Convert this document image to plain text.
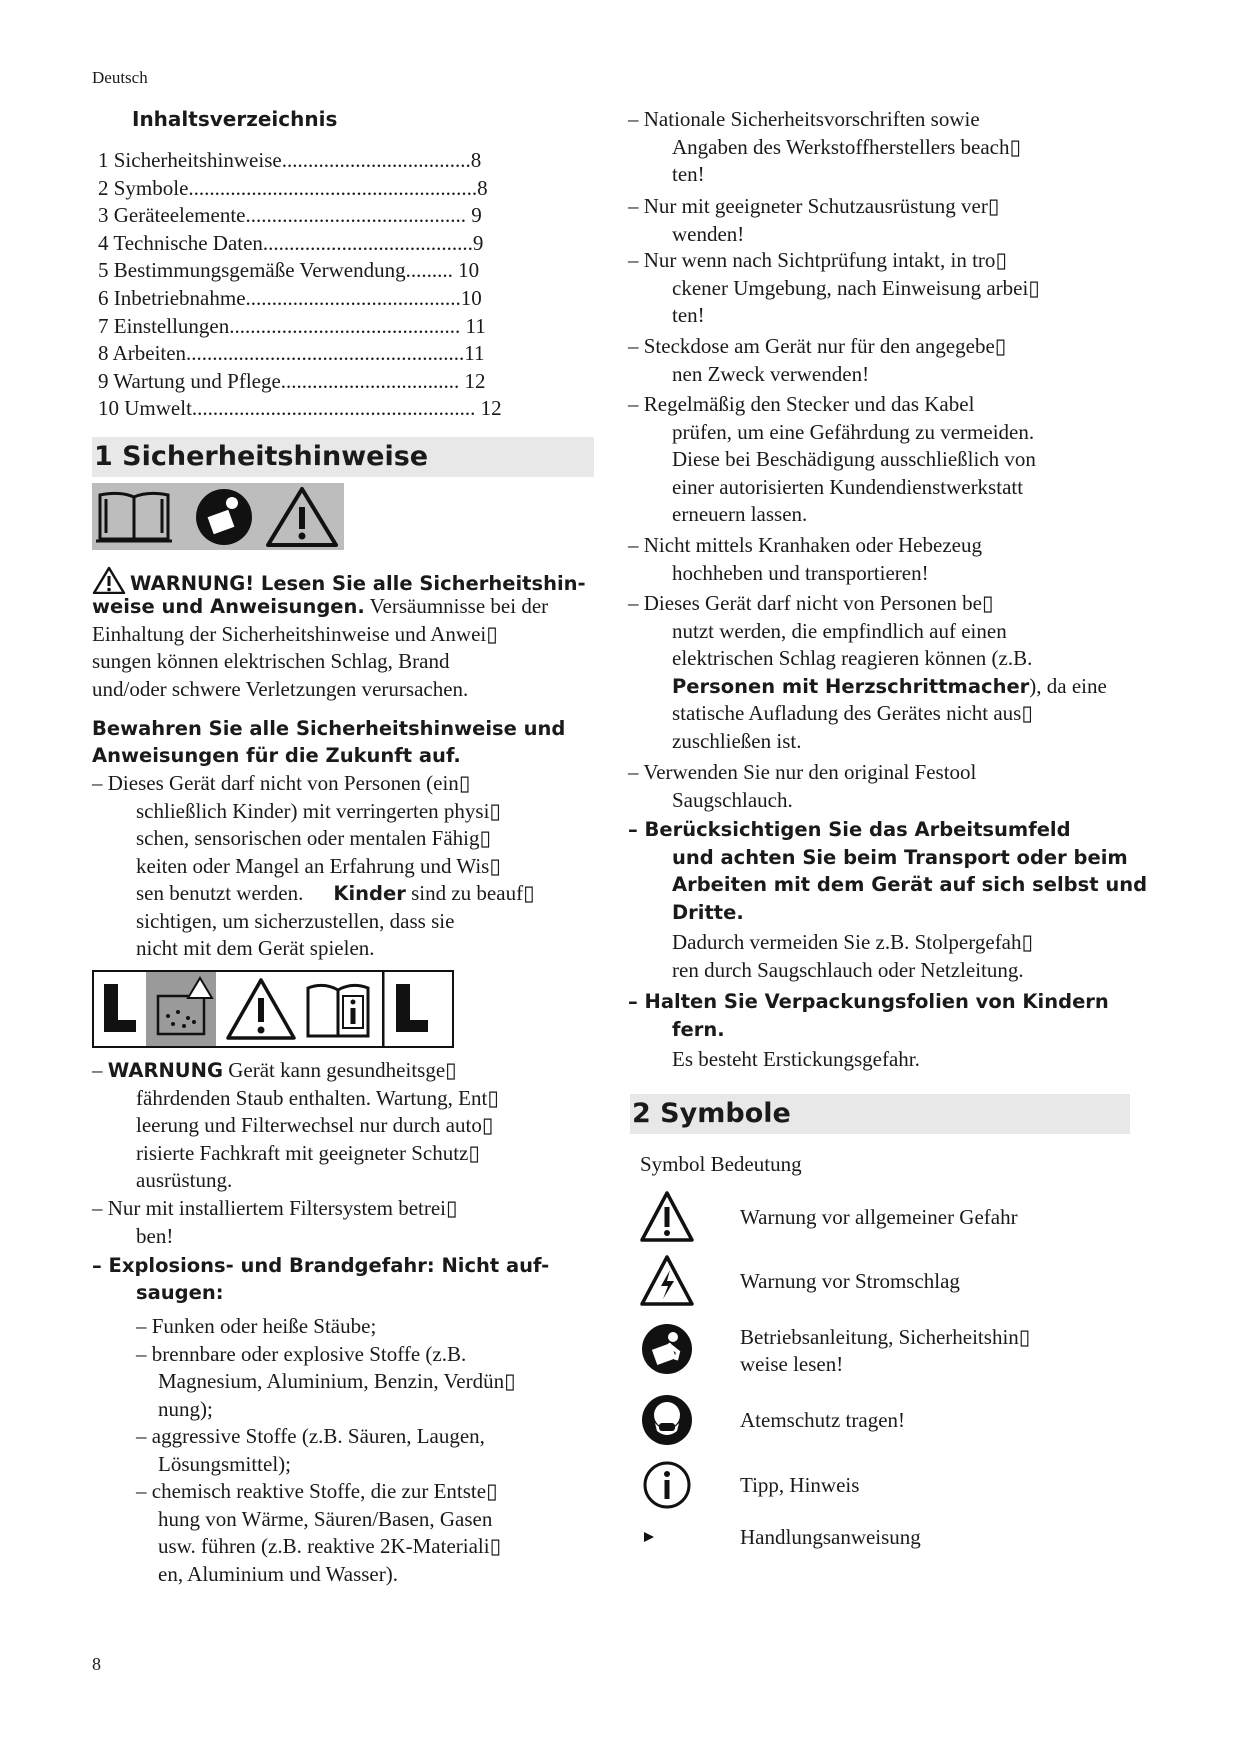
Deutsch
8
Inhaltsverzeichnis
1 Sicherheitshinweise....................................8
2 Symbole.......................................................8
3 Geräteelemente.......................................... 9
4 Technische Daten........................................9
5 Bestimmungsgemäße Verwendung......... 10
6 Inbetriebnahme.........................................10
7 Einstellungen............................................ 11
8 Arbeiten.....................................................11
9 Wartung und Pflege.................................. 12
10 Umwelt...................................................... 12
1 Sicherheitshinweise
WARNUNG! Lesen Sie alle Sicherheitshin-
weise und Anweisungen. Versäumnisse bei der
Einhaltung der Sicherheitshinweise und Anwei▯
sungen können elektrischen Schlag, Brand
und/oder schwere Verletzungen verursachen.
Bewahren Sie alle Sicherheitshinweise und
Anweisungen für die Zukunft auf.
– Dieses Gerät darf nicht von Personen (ein▯
schließlich Kinder) mit verringerten physi▯
schen, sensorischen oder mentalen Fähig▯
keiten oder Mangel an Erfahrung und Wis▯
sen benutzt werden. Kinder sind zu beauf▯
sichtigen, um sicherzustellen, dass sie
nicht mit dem Gerät spielen.
– WARNUNG Gerät kann gesundheitsge▯
fährdenden Staub enthalten. Wartung, Ent▯
leerung und Filterwechsel nur durch auto▯
risierte Fachkraft mit geeigneter Schutz▯
ausrüstung.
– Nur mit installiertem Filtersystem betrei▯
ben!
– Explosions- und Brandgefahr: Nicht auf-
saugen:
– Funken oder heiße Stäube;
– brennbare oder explosive Stoffe (z.B.
Magnesium, Aluminium, Benzin, Verdün▯
nung);
– aggressive Stoffe (z.B. Säuren, Laugen,
Lösungsmittel);
– chemisch reaktive Stoffe, die zur Entste▯
hung von Wärme, Säuren/Basen, Gasen
usw. führen (z.B. reaktive 2K-Materiali▯
en, Aluminium und Wasser).
– Nationale Sicherheitsvorschriften sowie
Angaben des Werkstoffherstellers beach▯
ten!
– Nur mit geeigneter Schutzausrüstung ver▯
wenden!
– Nur wenn nach Sichtprüfung intakt, in tro▯
ckener Umgebung, nach Einweisung arbei▯
ten!
– Steckdose am Gerät nur für den angegebe▯
nen Zweck verwenden!
– Regelmäßig den Stecker und das Kabel
prüfen, um eine Gefährdung zu vermeiden.
Diese bei Beschädigung ausschließlich von
einer autorisierten Kundendienstwerkstatt
erneuern lassen.
– Nicht mittels Kranhaken oder Hebezeug
hochheben und transportieren!
– Dieses Gerät darf nicht von Personen be▯
nutzt werden, die empfindlich auf einen
elektrischen Schlag reagieren können (z.B.
Personen mit Herzschrittmacher), da eine
statische Aufladung des Gerätes nicht aus▯
zuschließen ist.
– Verwenden Sie nur den original Festool
Saugschlauch.
– Berücksichtigen Sie das Arbeitsumfeld
und achten Sie beim Transport oder beim
Arbeiten mit dem Gerät auf sich selbst und
Dritte.
Dadurch vermeiden Sie z.B. Stolpergefah▯
ren durch Saugschlauch oder Netzleitung.
– Halten Sie Verpackungsfolien von Kindern
fern.
Es besteht Erstickungsgefahr.
2 Symbole
Symbol Bedeutung
Warnung vor allgemeiner Gefahr
Warnung vor Stromschlag
Betriebsanleitung, Sicherheitshin▯
weise lesen!
Atemschutz tragen!
Tipp, Hinweis
Handlungsanweisung
